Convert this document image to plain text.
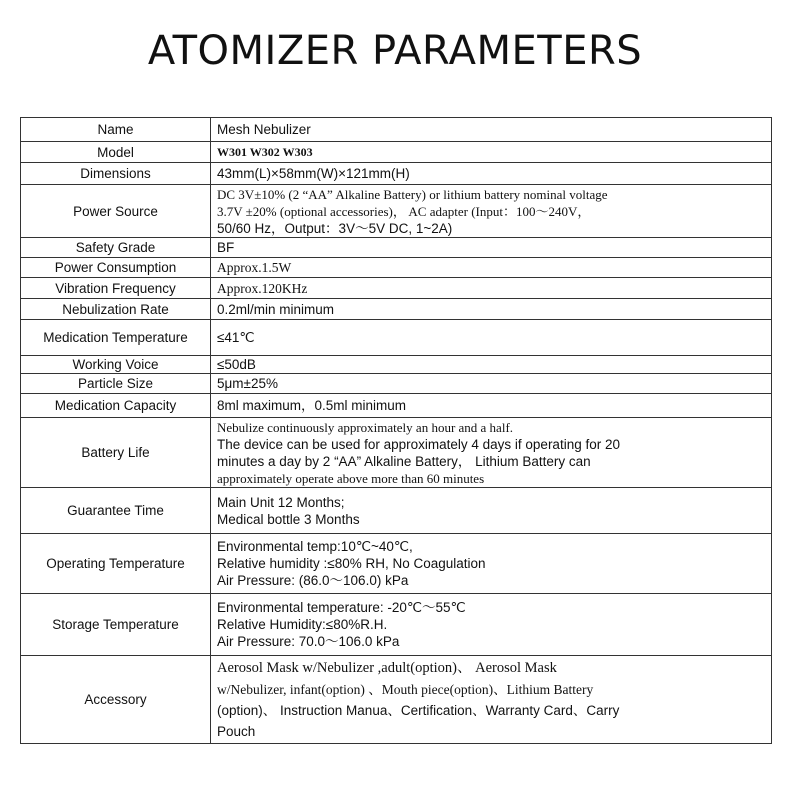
ATOMIZER PARAMETERS
Name	Mesh Nebulizer

Model	W301 W302 W303

Dimensions	43mm(L)×58mm(W)×121mm(H)

Power Source	DC 3V±10% (2 “AA” Alkaline Battery) or lithium battery nominal voltage
3.7V ±20% (optional accessories)， AC adapter (Input：100～240V，
50/60 Hz，Output：3V～5V DC, 1~2A)

Safety Grade	BF

Power Consumption	Approx.1.5W

Vibration Frequency	Approx.120KHz

Nebulization Rate	0.2ml/min minimum

Medication Temperature	≤41℃

Working Voice	≤50dB

Particle Size	5μm±25%

Medication Capacity	8ml maximum，0.5ml minimum

Battery Life	Nebulize continuously approximately an hour and a half.
The device can be used for approximately 4 days if operating for 20
minutes a day by 2 “AA” Alkaline Battery， Lithium Battery can
approximately operate above more than 60 minutes

Guarantee Time	Main Unit 12 Months;
Medical bottle 3 Months

Operating Temperature	Environmental temp:10℃~40℃,
Relative humidity :≤80% RH, No Coagulation
Air Pressure: (86.0～106.0) kPa

Storage Temperature	Environmental temperature: -20℃～55℃
Relative Humidity:≤80%R.H.
Air Pressure: 70.0～106.0 kPa

Accessory	Aerosol Mask w/Nebulizer ,adult(option)、 Aerosol Mask
w/Nebulizer, infant(option) 、Mouth piece(option)、Lithium Battery
(option)、 Instruction Manua、Certification、Warranty Card、Carry
Pouch
